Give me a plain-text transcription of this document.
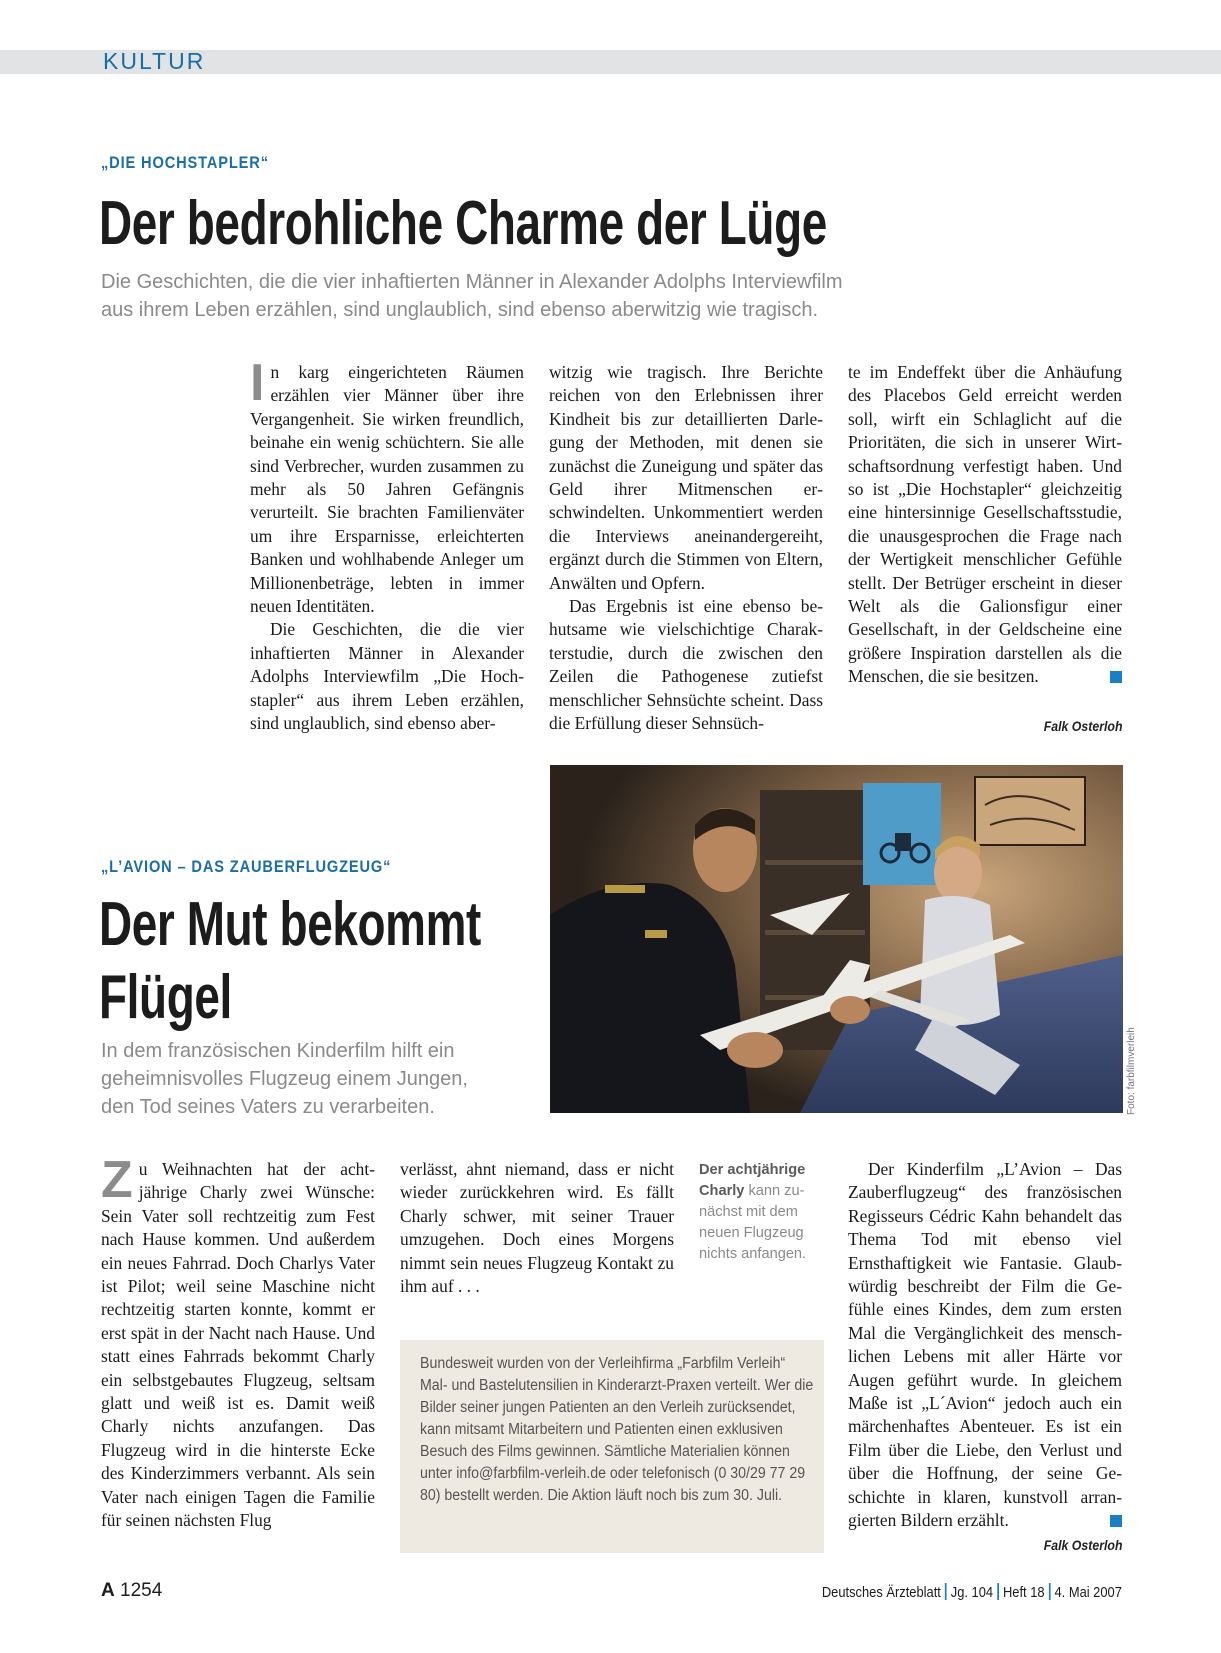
KULTUR
„DIE HOCHSTAPLER“
Der bedrohliche Charme der Lüge
Die Geschichten, die die vier inhaftierten Männer in Alexander Adolphs Interviewfilm
aus ihrem Leben erzählen, sind unglaublich, sind ebenso aberwitzig wie tragisch.

In karg eingerichteten Räumen erzählen vier Männer über ihre Vergangenheit. Sie wirken freundlich, beinahe ein wenig schüchtern. Sie alle sind Verbrecher, wurden zusammen zu mehr als 50 Jahren Gefängnis verurteilt. Sie brachten Familienväter um ihre Ersparnisse, erleichterten Banken und wohlhabende Anleger um Millionenbeträge, lebten in immer neuen Identitäten.

Die Geschichten, die die vier inhaftierten Männer in Alexander Adolphs Interviewfilm „Die Hochstapler“ aus ihrem Leben erzählen, sind unglaublich, sind ebenso aber-

witzig wie tragisch. Ihre Berichte reichen von den Erlebnissen ihrer Kindheit bis zur detaillierten Darlegung der Methoden, mit denen sie zunächst die Zuneigung und später das Geld ihrer Mitmenschen erschwindelten. Unkommentiert werden die Interviews aneinandergereiht, ergänzt durch die Stimmen von Eltern, Anwälten und Opfern.

Das Ergebnis ist eine ebenso behutsame wie vielschichtige Charakterstudie, durch die zwischen den Zeilen die Pathogenese zutiefst menschlicher Sehnsüchte scheint. Dass die Erfüllung dieser Sehnsüch-

te im Endeffekt über die Anhäufung des Placebos Geld erreicht werden soll, wirft ein Schlaglicht auf die Prioritäten, die sich in unserer Wirtschaftsordnung verfestigt haben. Und so ist „Die Hochstapler“ gleichzeitig eine hintersinnige Gesellschaftsstudie, die unausgesprochen die Frage nach der Wertigkeit menschlicher Gefühle stellt. Der Betrüger erscheint in dieser Welt als die Galionsfigur einer Gesellschaft, in der Geldscheine eine größere Inspiration darstellen als die Menschen, die sie besitzen.

Falk Osterloh
Foto: farbfilmverleih
„L’AVION – DAS ZAUBERFLUGZEUG“
Der Mut bekommt
Flügel
In dem französischen Kinderfilm hilft ein
geheimnisvolles Flugzeug einem Jungen,
den Tod seines Vaters zu verarbeiten.

Zu Weihnachten hat der achtjährige Charly zwei Wünsche: Sein Vater soll rechtzeitig zum Fest nach Hause kommen. Und außerdem ein neues Fahrrad. Doch Charlys Vater ist Pilot; weil seine Maschine nicht rechtzeitig starten konnte, kommt er erst spät in der Nacht nach Hause. Und statt eines Fahrrads bekommt Charly ein selbstgebautes Flugzeug, seltsam glatt und weiß ist es. Damit weiß Charly nichts anzufangen. Das Flugzeug wird in die hinterste Ecke des Kinderzimmers verbannt. Als sein Vater nach einigen Tagen die Familie für seinen nächsten Flug

verlässt, ahnt niemand, dass er nicht wieder zurückkehren wird. Es fällt Charly schwer, mit seiner Trauer umzugehen. Doch eines Morgens nimmt sein neues Flugzeug Kontakt zu ihm auf . . .

Der achtjährige Charly kann zunächst mit dem neuen Flugzeug nichts anfangen.

Bundesweit wurden von der Verleihfirma „Farbfilm Verleih“ Mal- und Bastelutensilien in Kinderarzt-Praxen verteilt. Wer die Bilder seiner jungen Patienten an den Verleih zurücksendet, kann mitsamt Mitarbeitern und Patienten einen exklusiven Besuch des Films gewinnen. Sämtliche Materialien können unter info@farbfilm-verleih.de oder telefonisch (0 30/29 77 29 80) bestellt werden. Die Aktion läuft noch bis zum 30. Juli.

Der Kinderfilm „L’Avion – Das Zauberflugzeug“ des französischen Regisseurs Cédric Kahn behandelt das Thema Tod mit ebenso viel Ernsthaftigkeit wie Fantasie. Glaubwürdig beschreibt der Film die Gefühle eines Kindes, dem zum ersten Mal die Vergänglichkeit des menschlichen Lebens mit aller Härte vor Augen geführt wurde. In gleichem Maße ist „L´Avion“ jedoch auch ein märchenhaftes Abenteuer. Es ist ein Film über die Liebe, den Verlust und über die Hoffnung, der seine Geschichte in klaren, kunstvoll arrangierten Bildern erzählt.

Falk Osterloh
A 1254	Deutsches Ärzteblatt Jg. 104 Heft 18 4. Mai 2007
